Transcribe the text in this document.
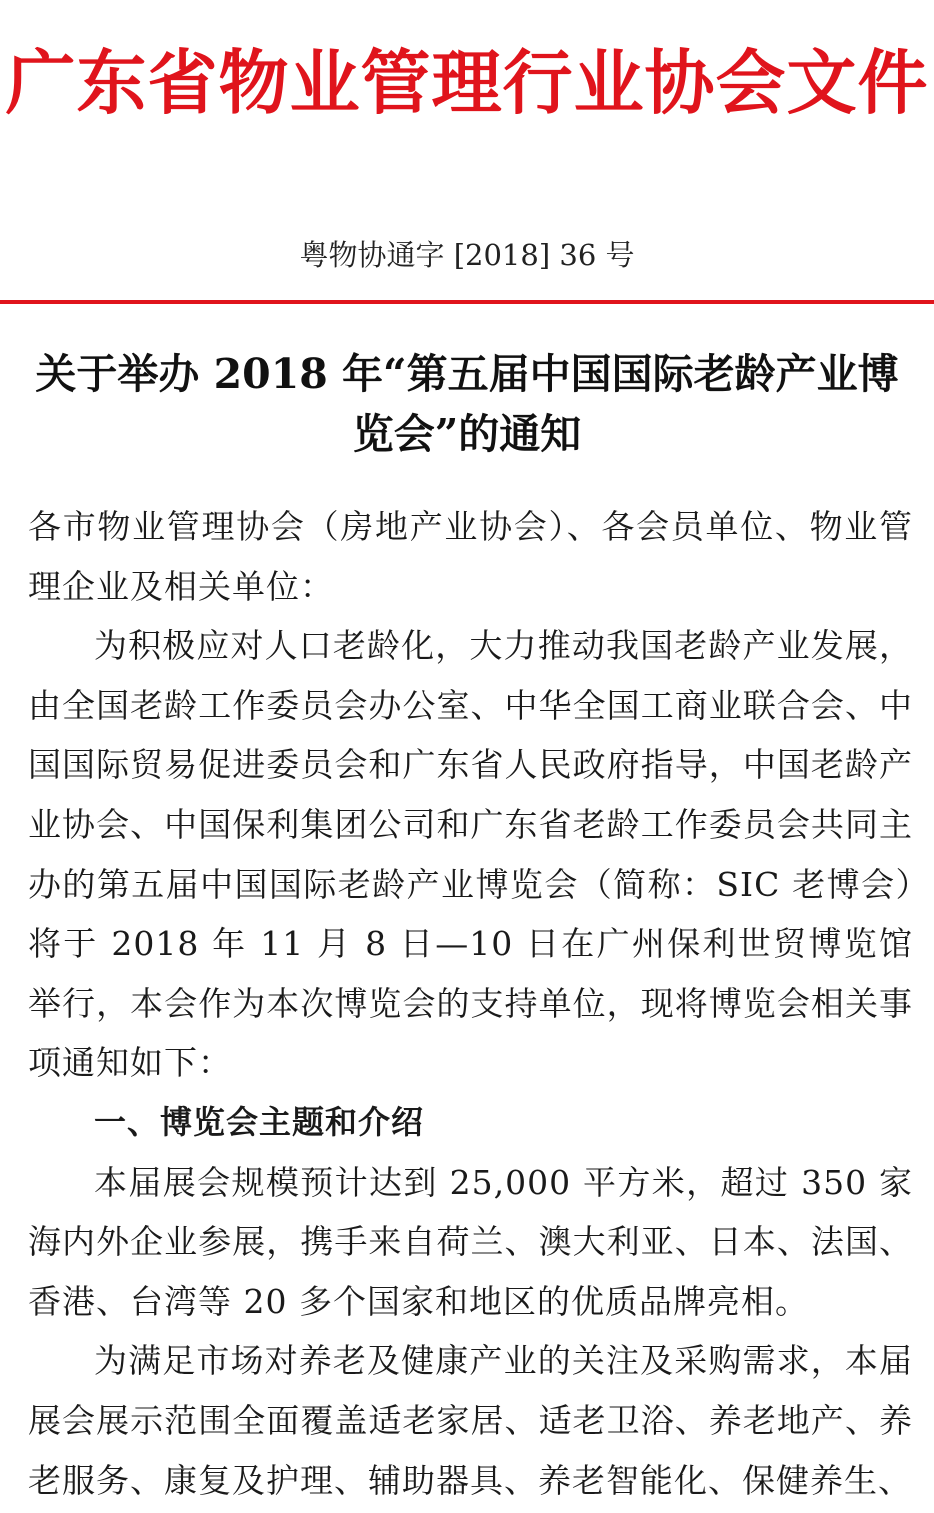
广东省物业管理行业协会文件
粤物协通字 [2018] 36 号
关于举办 2018 年“第五届中国国际老龄产业博览会”的通知

各市物业管理协会（房地产业协会）、各会员单位、物业管理企业及相关单位：

为积极应对人口老龄化，大力推动我国老龄产业发展，由全国老龄工作委员会办公室、中华全国工商业联合会、中国国际贸易促进委员会和广东省人民政府指导，中国老龄产业协会、中国保利集团公司和广东省老龄工作委员会共同主办的第五届中国国际老龄产业博览会（简称：SIC 老博会）将于 2018 年 11 月 8 日—10 日在广州保利世贸博览馆举行，本会作为本次博览会的支持单位，现将博览会相关事项通知如下：

一、博览会主题和介绍

本届展会规模预计达到 25,000 平方米，超过 350 家海内外企业参展，携手来自荷兰、澳大利亚、日本、法国、香港、台湾等 20 多个国家和地区的优质品牌亮相。

为满足市场对养老及健康产业的关注及采购需求，本届展会展示范围全面覆盖适老家居、适老卫浴、养老地产、养老服务、康复及护理、辅助器具、养老智能化、保健养生、
